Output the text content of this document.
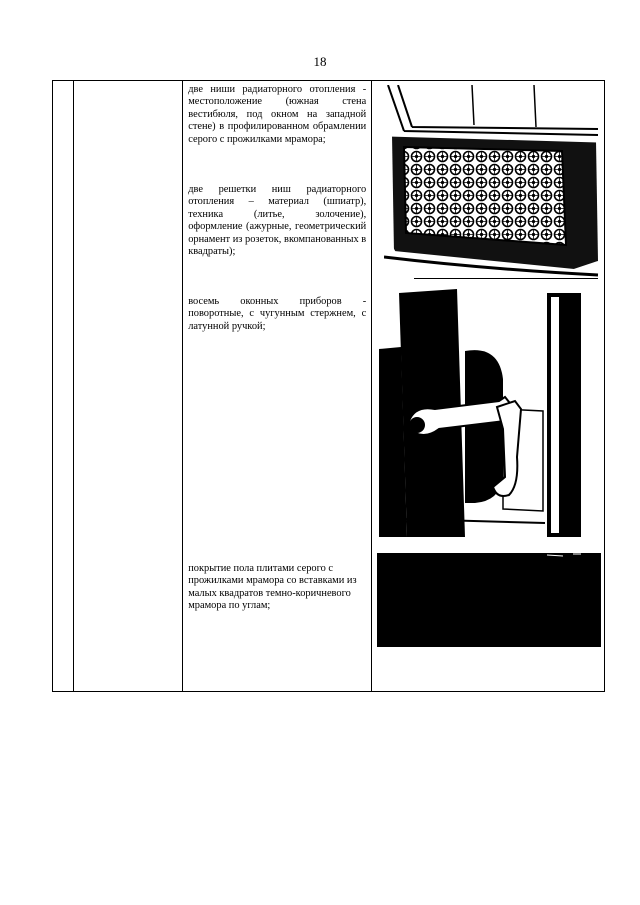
18

две ниши радиаторного отопления - местоположение (южная стена вестибюля, под окном на западной стене) в профилированном обрамлении серого с прожилками мрамора;
две решетки ниш радиаторного отопления – материал (шпиатр), техника (литье, золочение), оформление (ажурные, геометрический орнамент из розеток, вкомпанованных в квадраты);
восемь оконных приборов - поворотные, с чугунным стержнем, с латунной ручкой;
покрытие пола плитами серого с прожилками мрамора со вставками из малых квадратов темно-коричневого мрамора по углам;
